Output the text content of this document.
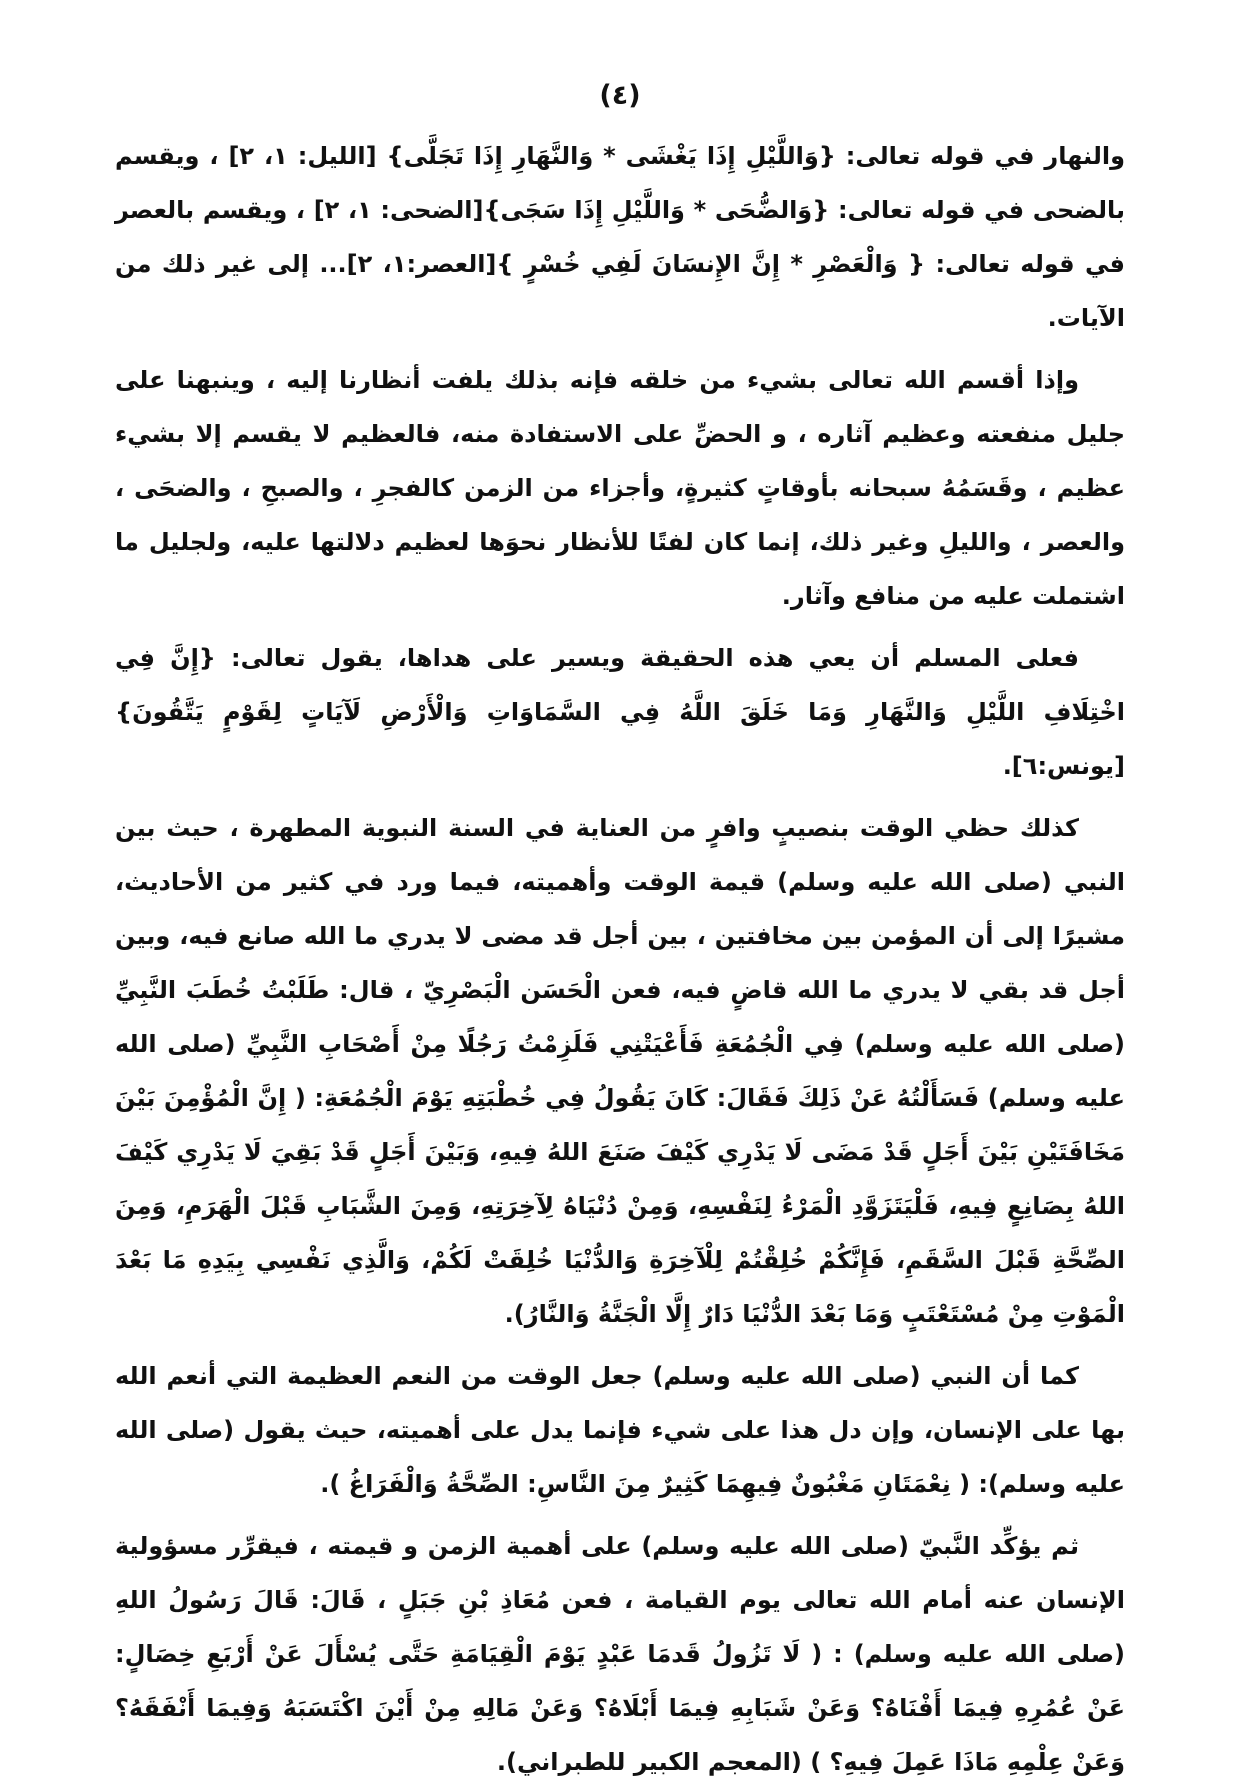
(٤)

والنهار في قوله تعالى: {وَاللَّيْلِ إِذَا يَغْشَى * وَالنَّهَارِ إِذَا تَجَلَّى} [الليل: ١، ٢] ، ويقسم بالضحى في قوله تعالى: {وَالضُّحَى * وَاللَّيْلِ إِذَا سَجَى}[الضحى: ١، ٢] ، ويقسم بالعصر في قوله تعالى: { وَالْعَصْرِ * إِنَّ الإِنسَانَ لَفِي خُسْرٍ }[العصر:١، ٢]... إلى غير ذلك من الآيات.

وإذا أقسم الله تعالى بشيء من خلقه فإنه بذلك يلفت أنظارنا إليه ، وينبهنا على جليل منفعته وعظيم آثاره ، و الحضِّ على الاستفادة منه، فالعظيم لا يقسم إلا بشيء عظيم ، وقَسَمُهُ سبحانه بأوقاتٍ كثيرةٍ، وأجزاء من الزمن كالفجرِ ، والصبحِ ، والضحَى ، والعصر ، والليلِ وغير ذلك، إنما كان لفتًا للأنظار نحوَها لعظيم دلالتها عليه، ولجليل ما اشتملت عليه من منافع وآثار.

فعلى المسلم أن يعي هذه الحقيقة ويسير على هداها، يقول تعالى: {إِنَّ فِي اخْتِلَافِ اللَّيْلِ وَالنَّهَارِ وَمَا خَلَقَ اللَّهُ فِي السَّمَاوَاتِ وَالْأَرْضِ لَآيَاتٍ لِقَوْمٍ يَتَّقُونَ}[يونس:٦].

كذلك حظي الوقت بنصيبٍ وافرٍ من العناية في السنة النبوية المطهرة ، حيث بين النبي (صلى الله عليه وسلم) قيمة الوقت وأهميته، فيما ورد في كثير من الأحاديث، مشيرًا إلى أن المؤمن بين مخافتين ، بين أجل قد مضى لا يدري ما الله صانع فيه، وبين أجل قد بقي لا يدري ما الله قاضٍ فيه، فعن الْحَسَن الْبَصْرِيّ ، قال: طَلَبْتُ خُطَبَ النَّبِيِّ (صلى الله عليه وسلم) فِي الْجُمُعَةِ فَأَعْيَتْنِي فَلَزِمْتُ رَجُلًا مِنْ أَصْحَابِ النَّبِيِّ (صلى الله عليه وسلم) فَسَأَلْتُهُ عَنْ ذَلِكَ فَقَالَ: كَانَ يَقُولُ فِي خُطْبَتِهِ يَوْمَ الْجُمُعَةِ: ( إِنَّ الْمُؤْمِنَ بَيْنَ مَخَافَتَيْنِ بَيْنَ أَجَلٍ قَدْ مَضَى لَا يَدْرِي كَيْفَ صَنَعَ اللهُ فِيهِ، وَبَيْنَ أَجَلٍ قَدْ بَقِيَ لَا يَدْرِي كَيْفَ اللهُ بِصَانِعٍ فِيهِ، فَلْيَتَزَوَّدِ الْمَرْءُ لِنَفْسِهِ، وَمِنْ دُنْيَاهُ لِآخِرَتِهِ، وَمِنَ الشَّبَابِ قَبْلَ الْهَرَمِ، وَمِنَ الصِّحَّةِ قَبْلَ السَّقَمِ، فَإِنَّكُمْ خُلِقْتُمْ لِلْآخِرَةِ وَالدُّنْيَا خُلِقَتْ لَكُمْ، وَالَّذِي نَفْسِي بِيَدِهِ مَا بَعْدَ الْمَوْتِ مِنْ مُسْتَعْتَبٍ وَمَا بَعْدَ الدُّنْيَا دَارٌ إِلَّا الْجَنَّةُ وَالنَّارُ).

كما أن النبي (صلى الله عليه وسلم) جعل الوقت من النعم العظيمة التي أنعم الله بها على الإنسان، وإن دل هذا على شيء فإنما يدل على أهميته، حيث يقول (صلى الله عليه وسلم): ( نِعْمَتَانِ مَغْبُونٌ فِيهِمَا كَثِيرٌ مِنَ النَّاسِ: الصِّحَّةُ وَالْفَرَاغُ ).

ثم يؤكِّد النَّبيّ (صلى الله عليه وسلم) على أهمية الزمن و قيمته ، فيقرِّر مسؤولية الإنسان عنه أمام الله تعالى يوم القيامة ، فعن مُعَاذِ بْنِ جَبَلٍ ، قَالَ: قَالَ رَسُولُ اللهِ (صلى الله عليه وسلم) : ( لَا تَزُولُ قَدمَا عَبْدٍ يَوْمَ الْقِيَامَةِ حَتَّى يُسْأَلَ عَنْ أَرْبَعِ خِصَالٍ: عَنْ عُمُرِهِ فِيمَا أَفْنَاهُ؟ وَعَنْ شَبَابِهِ فِيمَا أَبْلَاهُ؟ وَعَنْ مَالِهِ مِنْ أَيْنَ اكْتَسَبَهُ وَفِيمَا أَنْفَقَهُ؟ وَعَنْ عِلْمِهِ مَاذَا عَمِلَ فِيهِ؟ ) (المعجم الكبير للطبراني).
